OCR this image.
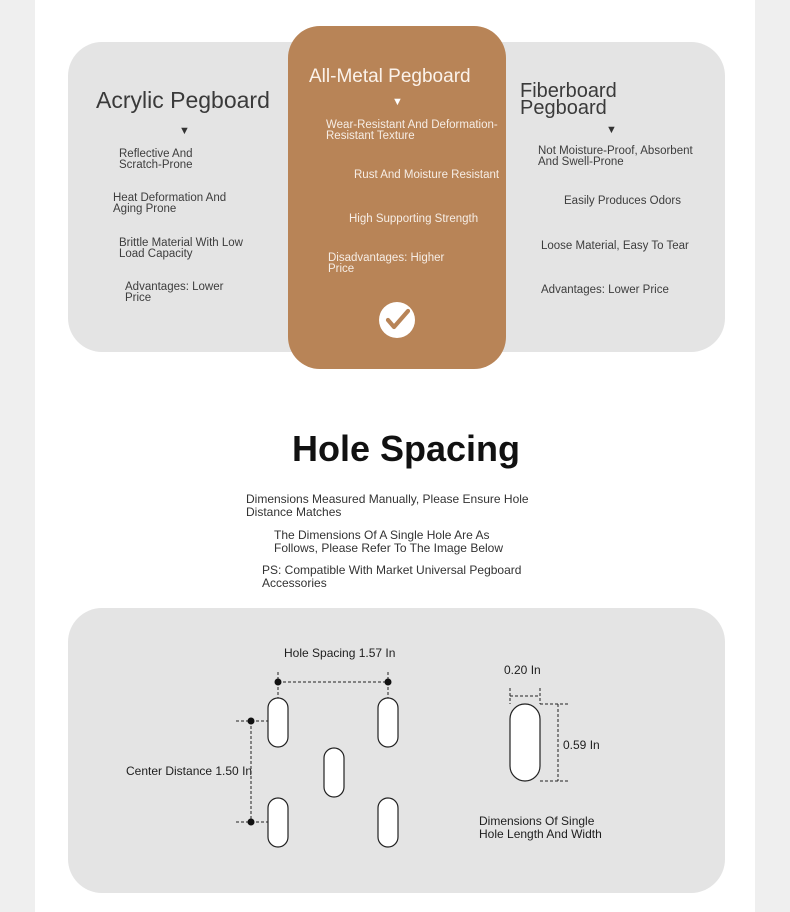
Acrylic Pegboard
▼
Reflective And Scratch-Prone
Heat Deformation And Aging Prone
Brittle Material With Low Load Capacity
Advantages: Lower Price
All-Metal Pegboard
▼
Wear-Resistant And Deformation-Resistant Texture
Rust And Moisture Resistant
High Supporting Strength
Disadvantages: Higher Price
Fiberboard Pegboard
▼
Not Moisture-Proof, Absorbent And Swell-Prone
Easily Produces Odors
Loose Material, Easy To Tear
Advantages: Lower Price
Hole Spacing
Dimensions Measured Manually, Please Ensure Hole Distance Matches
The Dimensions Of A Single Hole Are As Follows, Please Refer To The Image Below
PS: Compatible With Market Universal Pegboard Accessories
Hole Spacing 1.57 In
Center Distance 1.50 In
0.20 In
0.59 In
Dimensions Of Single Hole Length And Width
